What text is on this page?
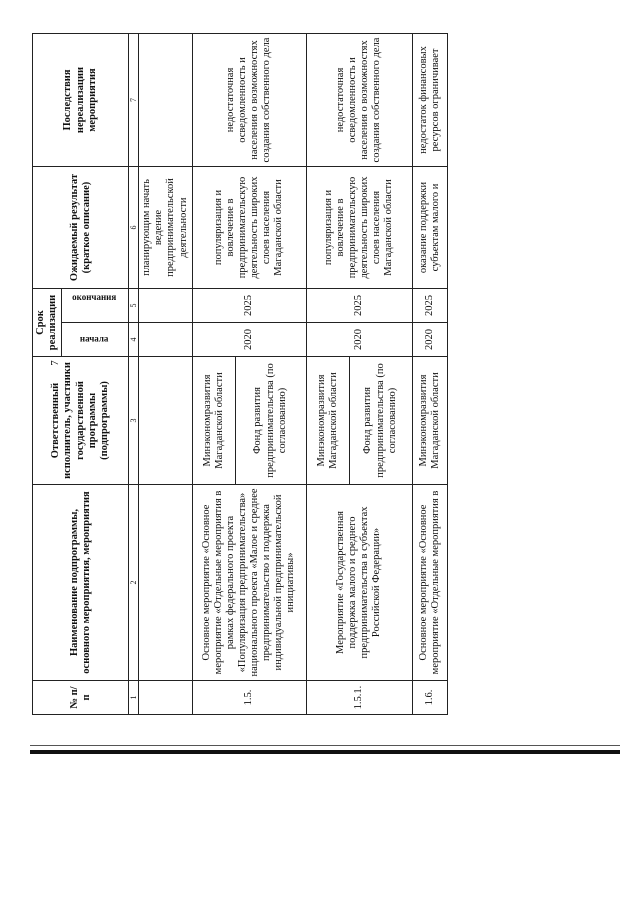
7
№ п/п	Наименование подпрограммы, основного мероприятия, мероприятия	Ответственный исполнитель, участники государственной программы (подпрограммы)	Срок реализации		Ожидаемый результат (краткое описание)	Последствия нереализации мероприятия
			начала	окончания		
1	2	3	4	5	6	7
					планирующим начать ведение предпринимательской деятельности	
1.5.	Основное мероприятие «Основное мероприятие «Отдельные мероприятия в рамках федерального проекта «Популяризация предпринимательства» национального проекта «Малое и среднее предпринимательство и поддержка индивидуальной предпринимательской инициативы»	Минэкономразвития Магаданской области	2020	2025	популяризация и вовлечение в предпринимательскую деятельность широких слоев населения Магаданской области	недостаточная осведомленность и населения о возможностях создания собственного дела
		Фонд развития предпринимательства (по согласованию)				
1.5.1.	Мероприятие «Государственная поддержка малого и среднего предпринимательства в субъектах Российской Федерации»	Минэкономразвития Магаданской области	2020	2025	популяризация и вовлечение в предпринимательскую деятельность широких слоев населения Магаданской области	недостаточная осведомленность и населения о возможностях создания собственного дела
		Фонд развития предпринимательства (по согласованию)				
1.6.	Основное мероприятие «Основное мероприятие «Отдельные мероприятия в	Минэкономразвития Магаданской области	2020	2025	оказание поддержки субъектам малого и	недостаток финансовых ресурсов ограничивает
